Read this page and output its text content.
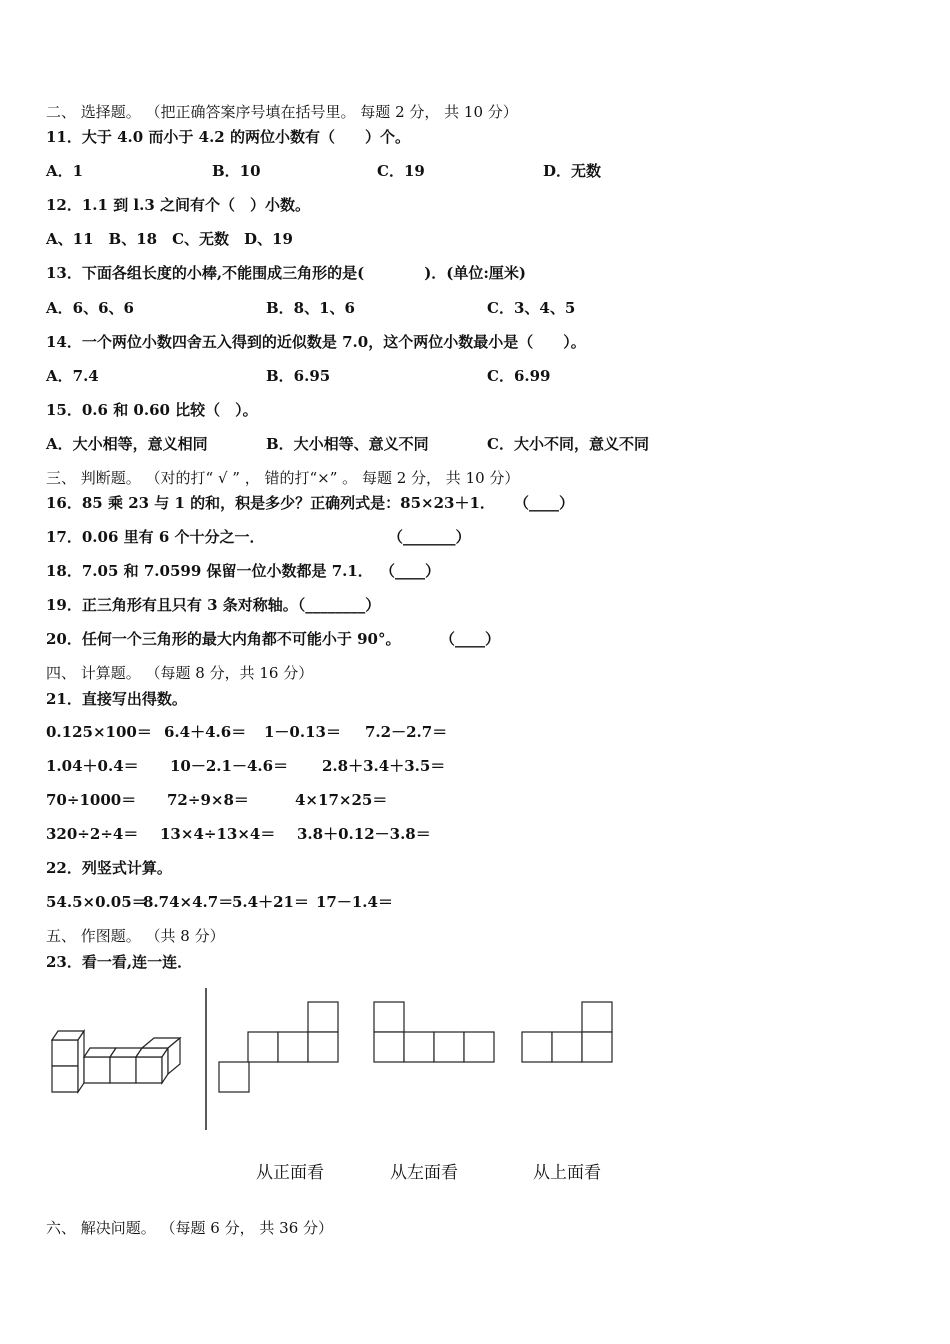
二、 选择题。 （把正确答案序号填在括号里。 每题 2 分， 共 10 分）
11．大于 4.0 而小于 4.2 的两位小数有（　　）个。
A．1	B．10	C．19	D．无数
12．1.1 到 l.3 之间有个（　）小数。
A、11　B、18　C、无数　D、19
13．下面各组长度的小棒,不能围成三角形的是(　　　　)．(单位:厘米)
A．6、6、6	B．8、1、6	C．3、4、5
14．一个两位小数四舍五入得到的近似数是 7.0，这个两位小数最小是（　　）。
A．7.4	B．6.95	C．6.99
15．0.6 和 0.60 比较（　）。
A．大小相等，意义相同	B．大小相等、意义不同	C．大小不同，意义不同
三、 判断题。 （对的打“ √ ” ， 错的打“×” 。 每题 2 分， 共 10 分）
16．85 乘 23 与 1 的和，积是多少？正确列式是：85×23＋1． （____）
17．0.06 里有 6 个十分之一．	（_______）
18．7.05 和 7.0599 保留一位小数都是 7.1． （____）
19．正三角形有且只有 3 条对称轴。（________）
20．任何一个三角形的最大内角都不可能小于 90°。	（____）
四、 计算题。 （每题 8 分，共 16 分）
21．直接写出得数。
0.125×100＝ 6.4＋4.6＝ 1－0.13＝ 7.2－2.7＝
1.04＋0.4＝ 10－2.1－4.6＝ 2.8＋3.4＋3.5＝
70÷1000＝ 72÷9×8＝	4×17×25＝
320÷2÷4＝ 13×4÷13×4＝ 3.8＋0.12－3.8＝
22．列竖式计算。
54.5×0.05＝
8.74×4.7＝
5.4＋21＝ 17－1.4＝
五、 作图题。 （共 8 分）
23．看一看,连一连．
从正面看	从左面看	从上面看
六、 解决问题。 （每题 6 分， 共 36 分）
